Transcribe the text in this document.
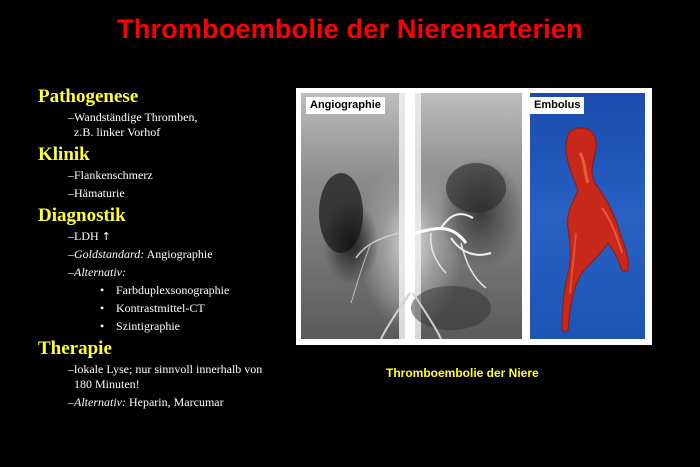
Thromboembolie der Nierenarterien
Pathogenese
– Wandständige Thromben,
z.B. linker Vorhof
Klinik
– Flankenschmerz
– Hämaturie
Diagnostik
– LDH ↑
– Goldstandard: Angiographie
– Alternativ:
• Farbduplexsonographie
• Kontrastmittel-CT
• Szintigraphie
Therapie
– lokale Lyse; nur sinnvoll innerhalb von
180 Minuten!
– Alternativ: Heparin, Marcumar
Angiographie	Embolus
Thromboembolie der Niere
